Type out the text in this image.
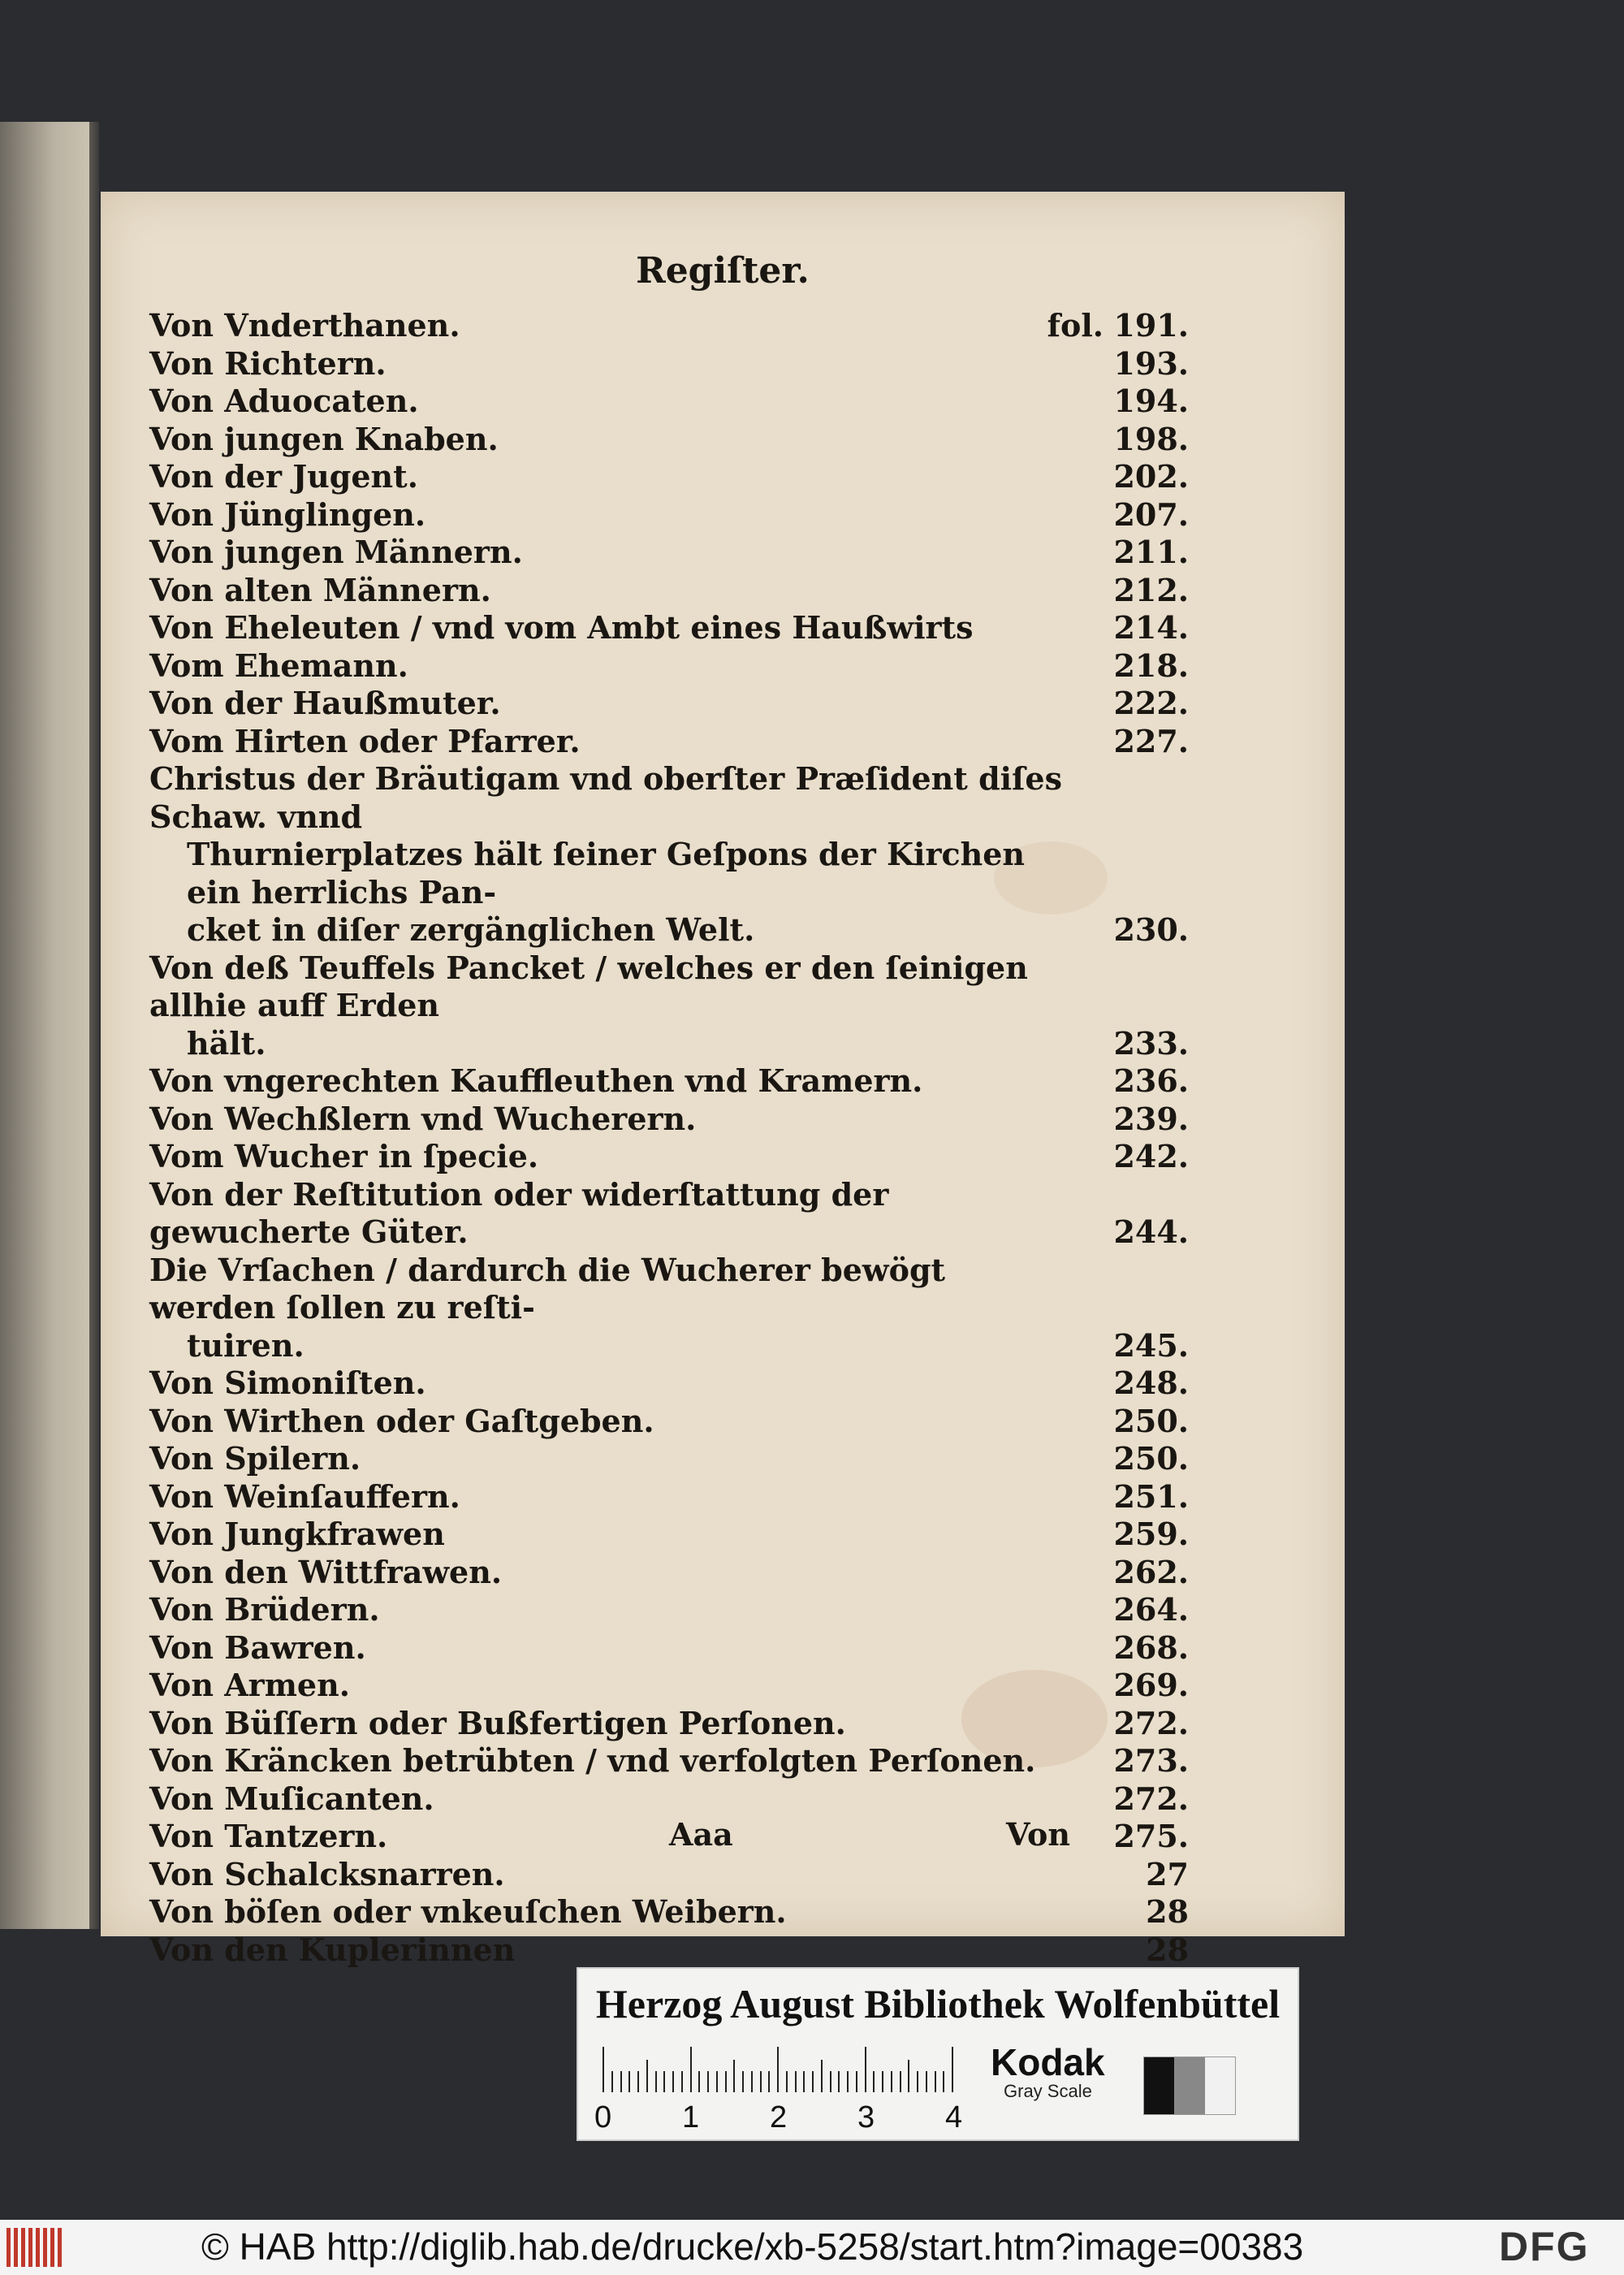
Regiſter.
Von Vnderthanen.	fol. 191.
Von Richtern.	193.
Von Aduocaten.	194.
Von jungen Knaben.	198.
Von der Jugent.	202.
Von Jünglingen.	207.
Von jungen Männern.	211.
Von alten Männern.	212.
Von Eheleuten / vnd vom Ambt eines Haußwirts	214.
Vom Ehemann.	218.
Von der Haußmuter.	222.
Vom Hirten oder Pfarrer.	227.
Christus der Bräutigam vnd oberſter Præſident diſes Schaw. vnnd
Thurnierplatzes hält ſeiner Geſpons der Kirchen ein herrlichs Pan-
cket in diſer zergänglichen Welt.	230.
Von deß Teuffels Pancket / welches er den ſeinigen allhie auff Erden
hält.	233.
Von vngerechten Kauffleuthen vnd Kramern.	236.
Von Wechßlern vnd Wucherern.	239.
Vom Wucher in ſpecie.	242.
Von der Reſtitution oder widerſtattung der gewucherte Güter.	244.
Die Vrſachen / dardurch die Wucherer bewögt werden ſollen zu reſti-
tuiren.	245.
Von Simoniſten.	248.
Von Wirthen oder Gaſtgeben.	250.
Von Spilern.	250.
Von Weinſauffern.	251.
Von Jungkfrawen	259.
Von den Wittfrawen.	262.
Von Brüdern.	264.
Von Bawren.	268.
Von Armen.	269.
Von Büſſern oder Bußfertigen Perſonen.	272.
Von Kräncken betrübten / vnd verfolgten Perſonen.	273.
Von Muſicanten.	272.
Von Tantzern.	275.
Von Schalcksnarren.	27
Von böſen oder vnkeuſchen Weibern.	28
Von den Kuplerinnen	28
Aaa	Von
Herzog August Bibliothek Wolfenbüttel
0 1 2 3 4
Kodak
Gray Scale
© HAB http://diglib.hab.de/drucke/xb-5258/start.htm?image=00383	DFG
